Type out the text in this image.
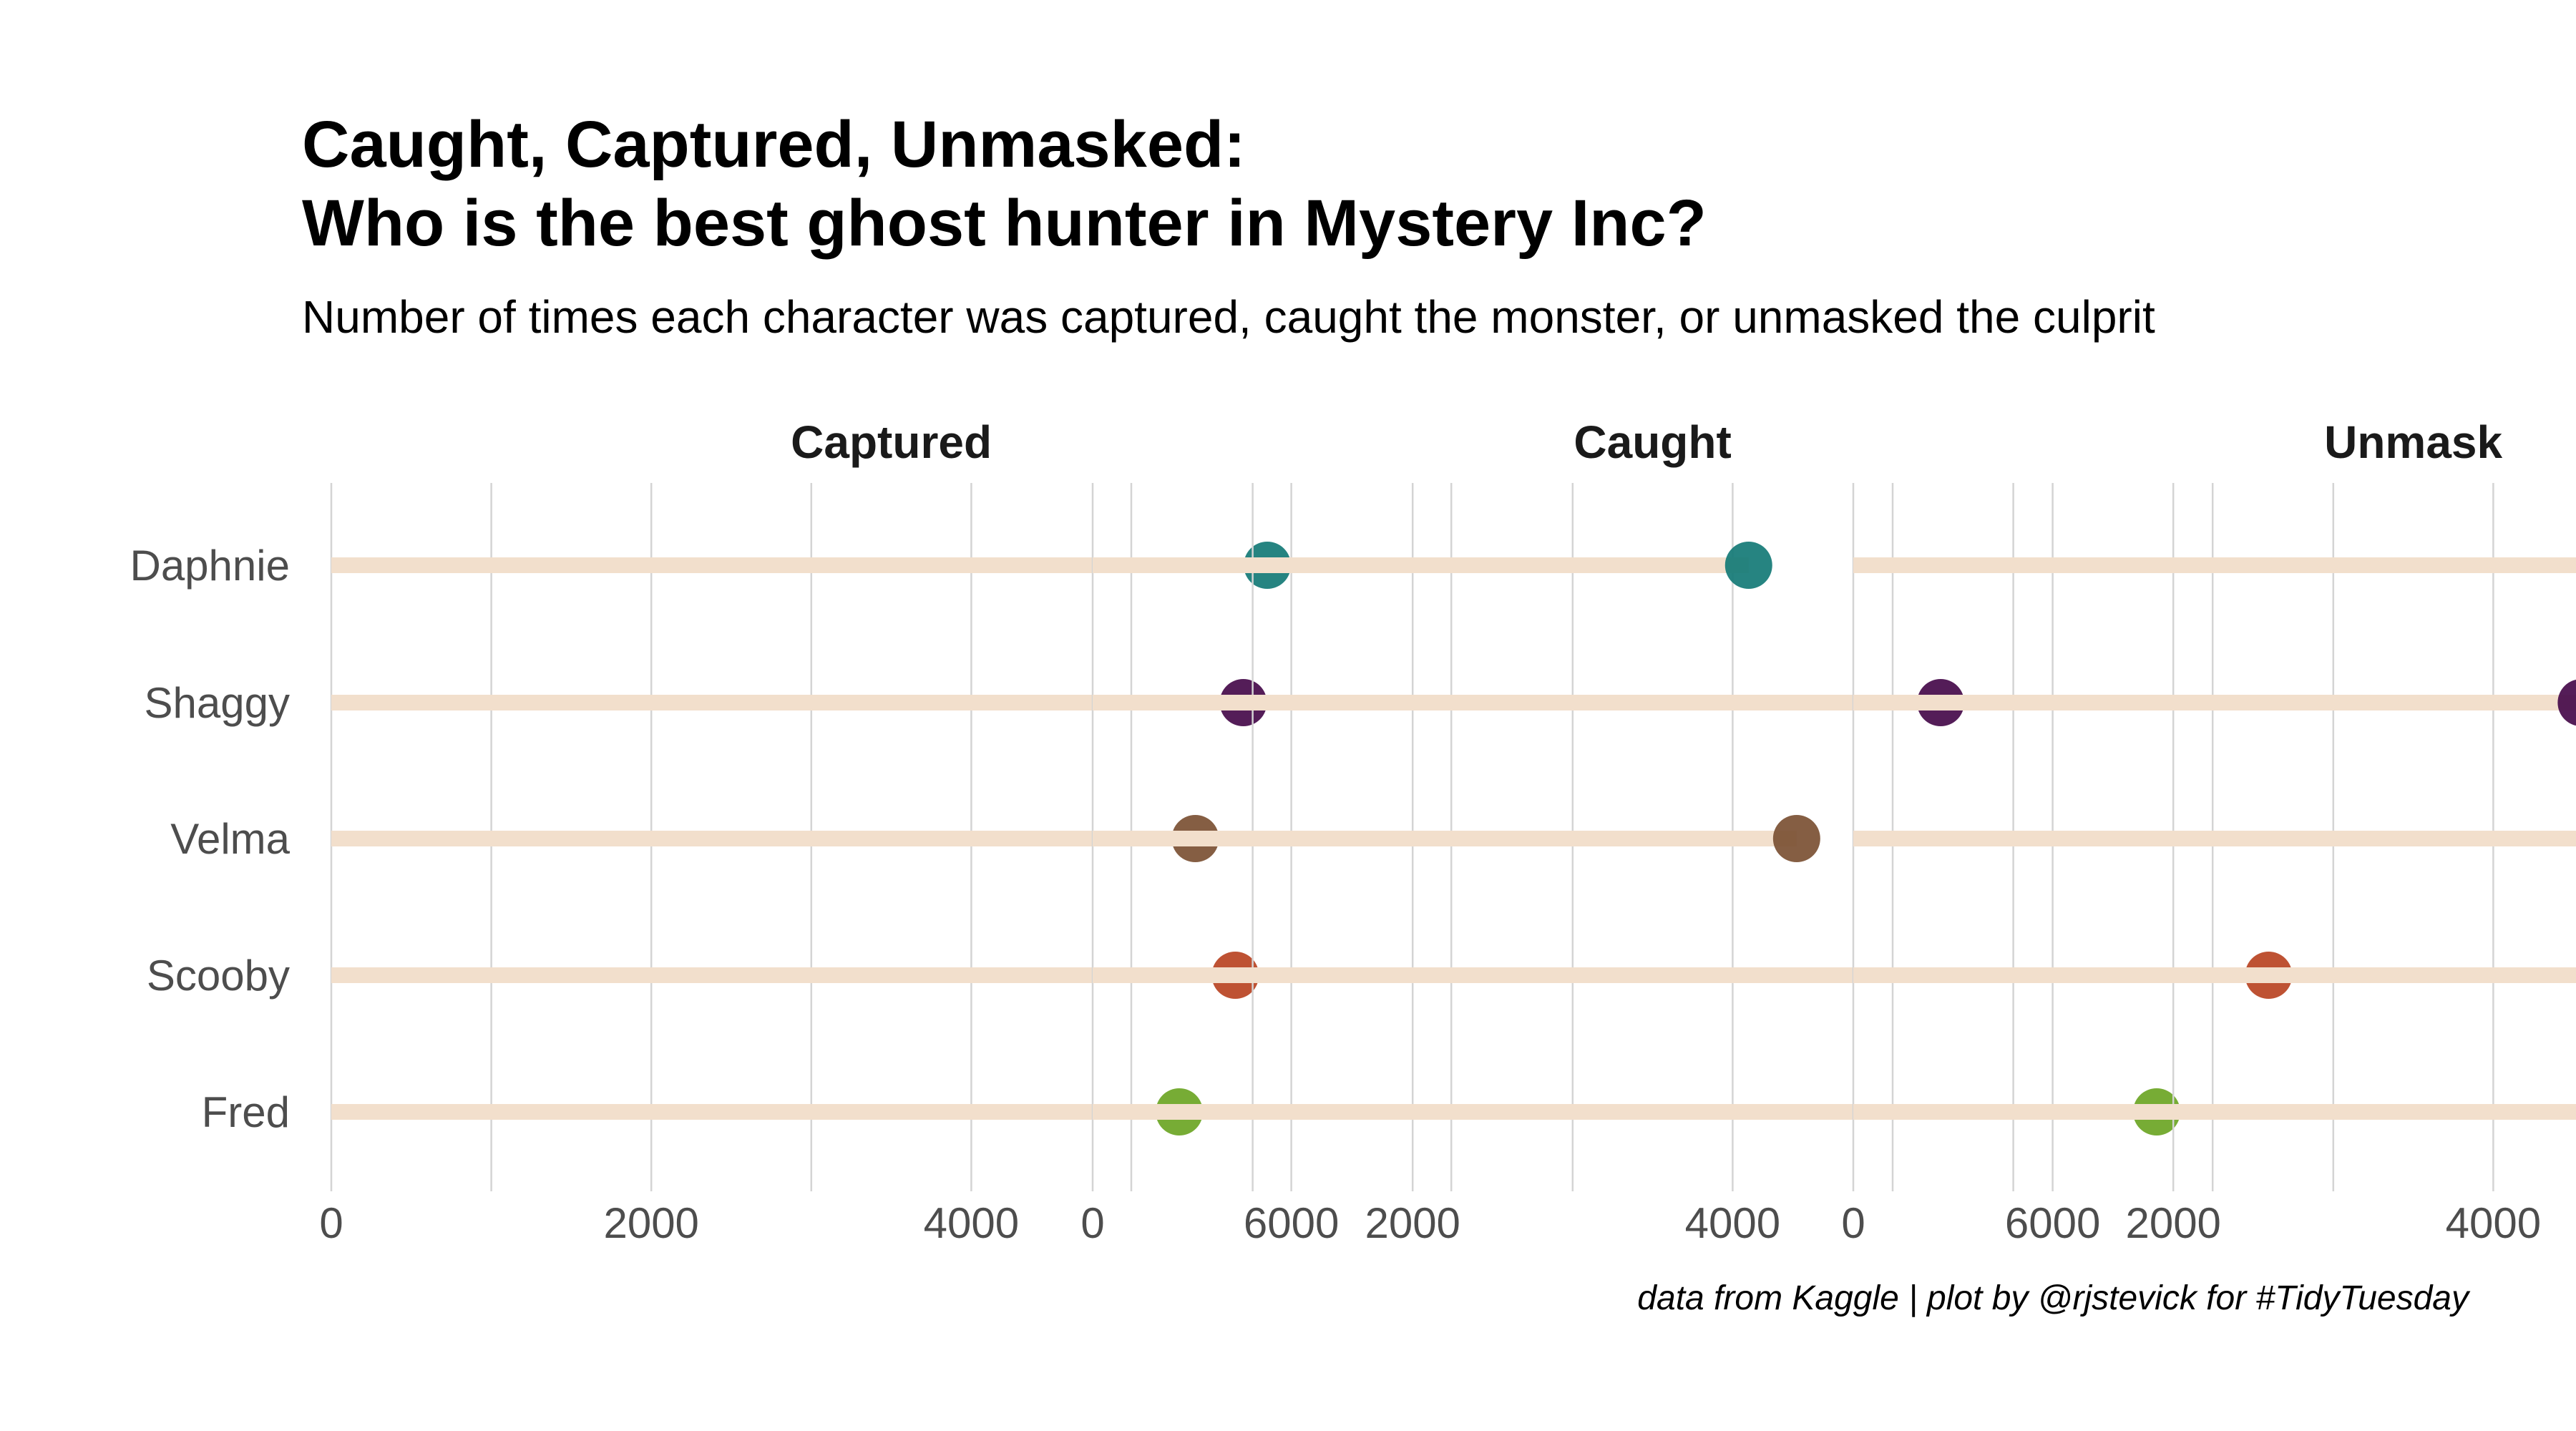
Caught, Captured, Unmasked:
Who is the best ghost hunter in Mystery Inc?
Number of times each character was captured, caught the monster, or unmasked the culprit
Daphnie
Shaggy
Velma
Scooby
Fred
Captured
0	2000	4000	6000
Caught
0	2000	4000	6000
Unmask
0	2000	4000
data from Kaggle | plot by @rjstevick for #TidyTuesday
